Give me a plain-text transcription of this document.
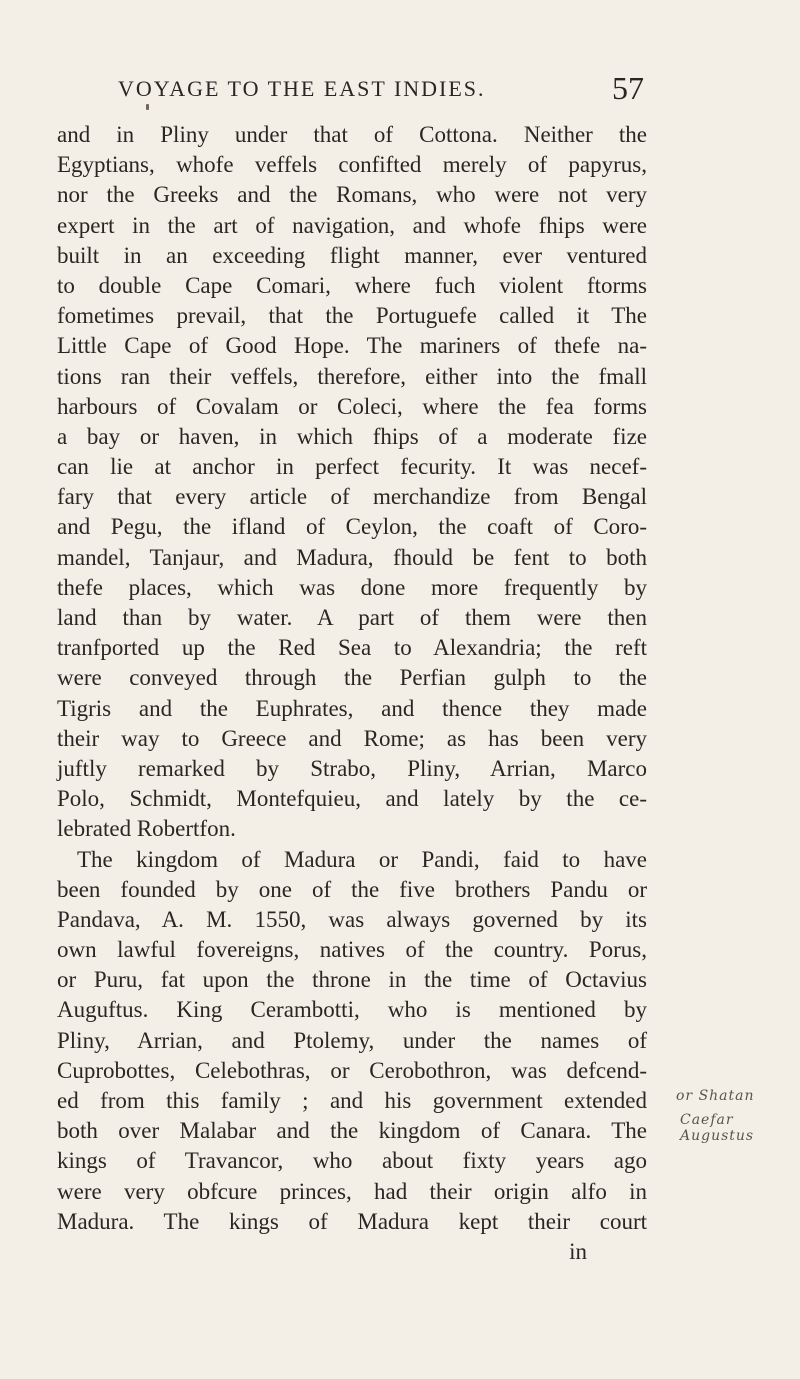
VOYAGE TO THE EAST INDIES.	57
and in Pliny under that of Cottona. Neither the
Egyptians, whofe veffels confifted merely of papyrus,
nor the Greeks and the Romans, who were not very
expert in the art of navigation, and whofe fhips were
built in an exceeding flight manner, ever ventured
to double Cape Comari, where fuch violent ftorms
fometimes prevail, that the Portuguefe called it The
Little Cape of Good Hope. The mariners of thefe na-
tions ran their veffels, therefore, either into the fmall
harbours of Covalam or Coleci, where the fea forms
a bay or haven, in which fhips of a moderate fize
can lie at anchor in perfect fecurity. It was necef-
fary that every article of merchandize from Bengal
and Pegu, the ifland of Ceylon, the coaft of Coro-
mandel, Tanjaur, and Madura, fhould be fent to both
thefe places, which was done more frequently by
land than by water. A part of them were then
tranfported up the Red Sea to Alexandria; the reft
were conveyed through the Perfian gulph to the
Tigris and the Euphrates, and thence they made
their way to Greece and Rome; as has been very
juftly remarked by Strabo, Pliny, Arrian, Marco
Polo, Schmidt, Montefquieu, and lately by the ce-
lebrated Robertfon.
The kingdom of Madura or Pandi, faid to have
been founded by one of the five brothers Pandu or
Pandava, A. M. 1550, was always governed by its
own lawful fovereigns, natives of the country. Porus,
or Puru, fat upon the throne in the time of Octavius
Auguftus. King Cerambotti, who is mentioned by
Pliny, Arrian, and Ptolemy, under the names of
Cuprobottes, Celebothras, or Cerobothron, was defcend-
ed from this family ; and his government extended
both over Malabar and the kingdom of Canara. The
kings of Travancor, who about fixty years ago
were very obfcure princes, had their origin alfo in
Madura. The kings of Madura kept their court
in
or Shatan
Caefar Augustus
